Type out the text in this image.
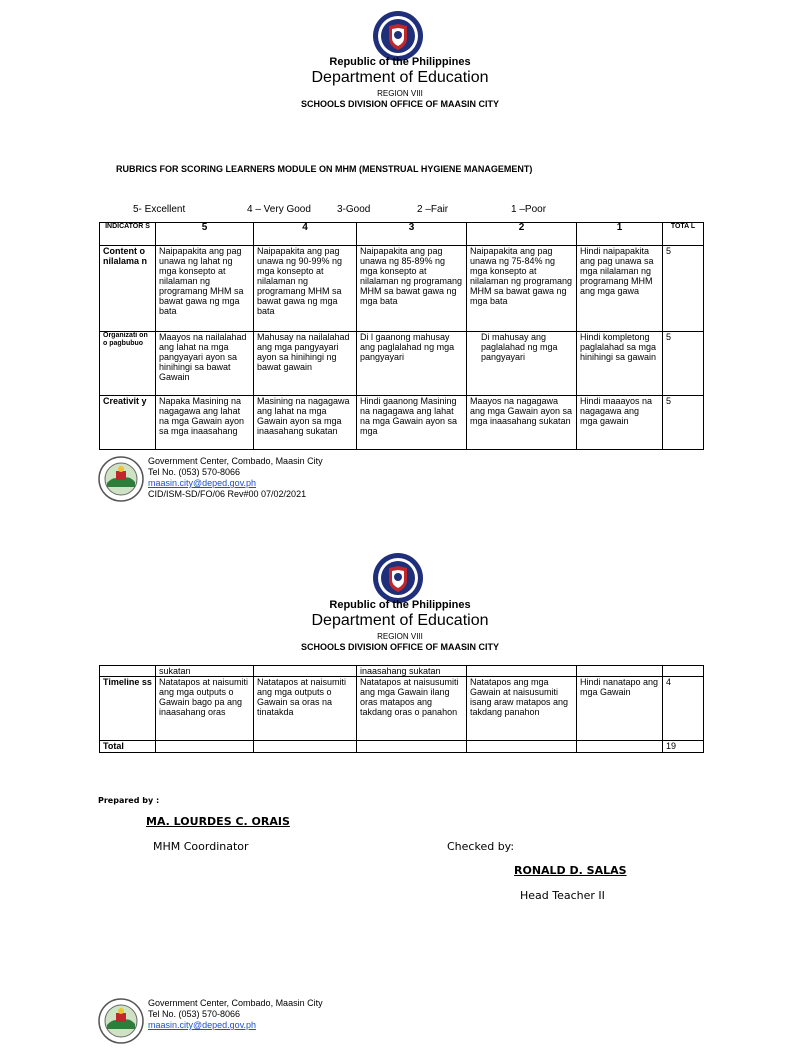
Republic of the Philippines
Department of Education
REGION VIII
SCHOOLS DIVISION OFFICE OF MAASIN CITY
RUBRICS FOR SCORING LEARNERS MODULE ON MHM (MENSTRUAL HYGIENE MANAGEMENT)
5- Excellent	4 – Very Good	3-Good	2 –Fair	1 –Poor
INDICATOR S	5	4	3	2	1	TOTA L
Content o nilalama n	Naipapakita ang pag unawa ng lahat ng mga konsepto at nilalaman ng programang MHM sa bawat gawa ng mga bata	Naipapakita ang pag unawa ng 90-99% ng mga konsepto at nilalaman ng programang MHM sa bawat gawa ng mga bata	Naipapakita ang pag unawa ng 85-89% ng mga konsepto at nilalaman ng programang MHM sa bawat gawa ng mga bata	Naipapakita ang pag unawa ng 75-84% ng mga konsepto at nilalaman ng programang MHM sa bawat gawa ng mga bata	Hindi naipapakita ang pag unawa sa mga nilalaman ng programang MHM ang mga gawa	5
Organizati on o pagbubuo	Maayos na nailalahad ang lahat na mga pangyayari ayon sa hinihingi sa bawat Gawain	Mahusay na nailalahad ang mga pangyayari ayon sa hinihingi ng bawat gawain	Di l gaanong mahusay ang paglalahad ng mga pangyayari	Di mahusay ang paglalahad ng mga pangyayari	Hindi kompletong paglalahad sa mga hinihingi sa gawain	5
Creativit y	Napaka Masining na nagagawa ang lahat na mga Gawain ayon sa mga inaasahang	Masining na nagagawa ang lahat na mga Gawain ayon sa mga inaasahang sukatan	Hindi gaanong Masining na nagagawa ang lahat na mga Gawain ayon sa mga	Maayos na nagagawa ang mga Gawain ayon sa mga inaasahang sukatan	Hindi maaayos na nagagawa ang mga gawain	5
Government Center, Combado, Maasin City
Tel No. (053) 570-8066
maasin.city@deped.gov.ph
CID/ISM-SD/FO/06 Rev#00 07/02/2021
Republic of the Philippines
Department of Education
REGION VIII
SCHOOLS DIVISION OFFICE OF MAASIN CITY
	sukatan		inaasahang sukatan			
Timeline ss	Natatapos at naisumiti ang mga outputs o Gawain bago pa ang inaasahang oras	Natatapos at naisumiti ang mga outputs o Gawain sa oras na tinatakda	Natatapos at naisusumiti ang mga Gawain ilang oras matapos ang takdang oras o panahon	Natatapos ang mga Gawain at naisusumiti isang araw matapos ang takdang panahon	Hindi nanatapo ang mga Gawain	4
Total						19
Prepared by :
MA. LOURDES C. ORAIS
MHM Coordinator	Checked by:
RONALD D. SALAS
Head Teacher II
Government Center, Combado, Maasin City
Tel No. (053) 570-8066
maasin.city@deped.gov.ph
